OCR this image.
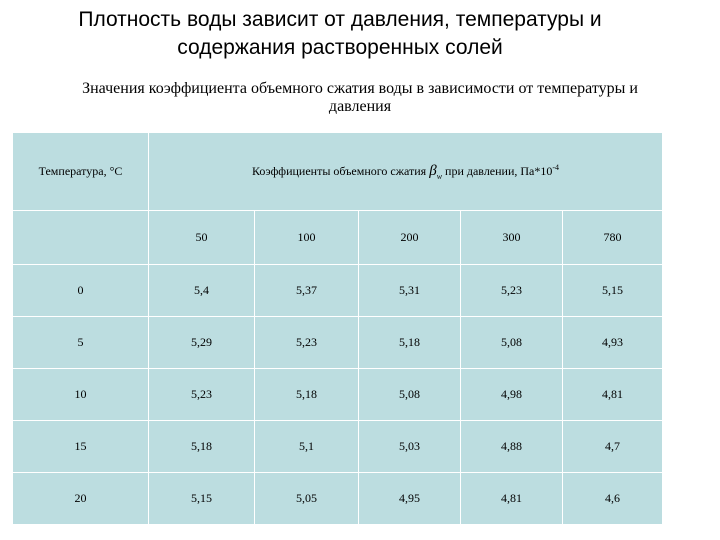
Плотность воды зависит от давления, температуры и
содержания растворенных солей
Значения коэффициента объемного сжатия воды в зависимости от температуры и
давления
Температура, °С	Коэффициенты объемного сжатия $\beta_w$ при давлении, $Па*10^{-4}$

	50	100	200	300	780
0	5,4	5,37	5,31	5,23	5,15
5	5,29	5,23	5,18	5,08	4,93
10	5,23	5,18	5,08	4,98	4,81
15	5,18	5,1	5,03	4,88	4,7
20	5,15	5,05	4,95	4,81	4,6
